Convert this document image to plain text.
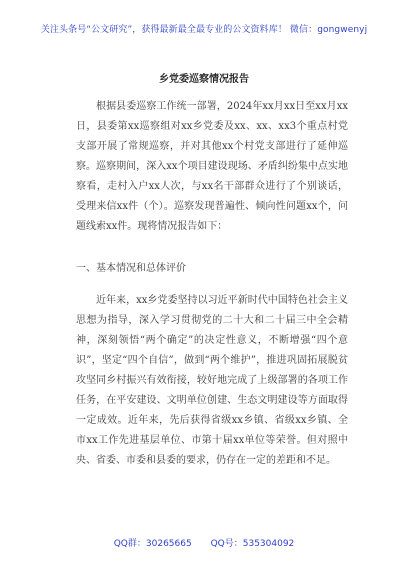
关注头条号“公文研究”，获得最新最全最专业的公文资料库！ 微信：gongwenyj
乡党委巡察情况报告

根据县委巡察工作统一部署，2024年xx月xx日至xx月xx日，县委第xx巡察组对xx乡党委及xx、xx、xx3个重点村党支部开展了常规巡察，并对其他xx个村党支部进行了延伸巡察。巡察期间，深入xx个项目建设现场、矛盾纠纷集中点实地察看，走村入户xx人次，与xx名干部群众进行了个别谈话，受理来信xx件（个）。巡察发现普遍性、倾向性问题xx个，问题线索xx件。现将情况报告如下：

一、基本情况和总体评价

近年来，xx乡党委坚持以习近平新时代中国特色社会主义思想为指导，深入学习贯彻党的二十大和二十届三中全会精神，深刻领悟“两个确定”的决定性意义，不断增强“四个意识”，坚定“四个自信”，做到“两个维护”，推进巩固拓展脱贫攻坚同乡村振兴有效衔接，较好地完成了上级部署的各项工作任务，在平安建设、文明单位创建、生态文明建设等方面取得一定成效。近年来，先后获得省级xx乡镇、省级xx乡镇、全市xx工作先进基层单位、市第十届xx单位等荣誉。但对照中央、省委、市委和县委的要求，仍存在一定的差距和不足。

QQ群：30265665 QQ号：535304092
